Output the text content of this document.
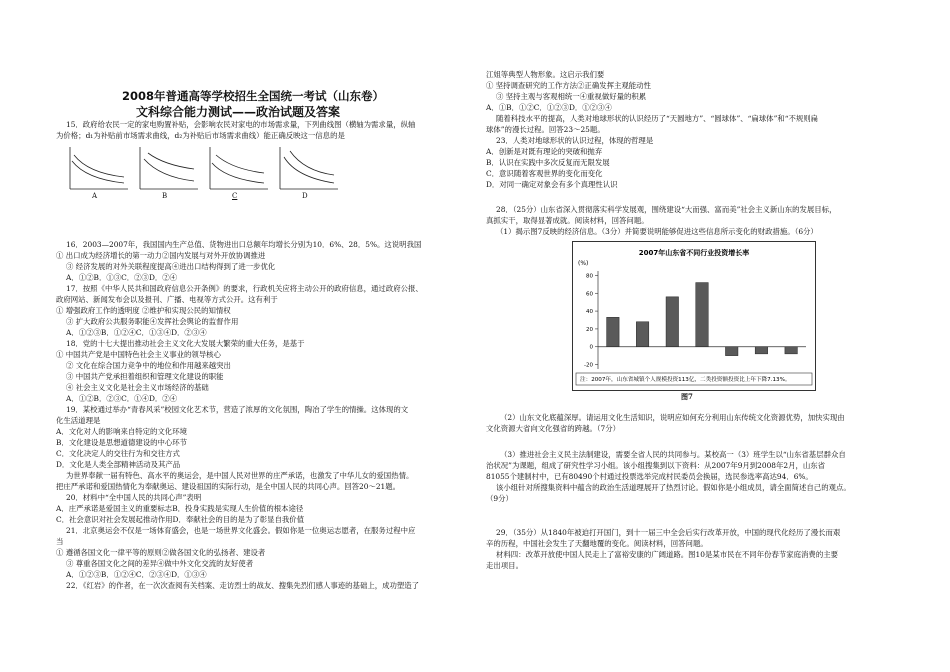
2008年普通高等学校招生全国统一考试（山东卷）
文科综合能力测试——政治试题及答案
15．政府给农民一定的家电购置补贴，会影响农民对家电的市场需求量，下列曲线图（横轴为需求量，纵轴
为价格；d₁为补贴前市场需求曲线，d₂为补贴后市场需求曲线）能正确反映这一信息的是
A	B	C	D
16．2003—2007年，我国国内生产总值、货物进出口总额年均增长分别为10．6%、28．5%。这说明我国
① 出口成为经济增长的第一动力②国内发展与对外开放协调推进
③ 经济发展的对外关联程度提高④进出口结构得到了进一步优化
A．①②B．①③C．②③D．②④
17．按照《中华人民共和国政府信息公开条例》的要求，行政机关应将主动公开的政府信息，通过政府公报、
政府网站、新闻发布会以及报刊、广播、电视等方式公开。这有利于
① 增强政府工作的透明度 ②维护和实现公民的知情权
③ 扩大政府公共服务职能④发挥社会舆论的监督作用
A．①②③B．①②④C．①③④D．②③④
18．党的十七大提出推动社会主义文化大发展大繁荣的重大任务，是基于
① 中国共产党是中国特色社会主义事业的领导核心
② 文化在综合国力竞争中的地位和作用越来越突出
③ 中国共产党承担着组织和管理文化建设的职能
④ 社会主义文化是社会主义市场经济的基础
A．①②B．②③C．①④D．②④
19．某校通过举办“青春风采”校园文化艺术节，营造了浓厚的文化氛围，陶冶了学生的情操。这体现的文
化生活道理是
A．文化对人的影响来自特定的文化环境
B．文化建设是思想道德建设的中心环节
C．文化决定人的交往行为和交往方式
D．文化是人类全部精神活动及其产品
为世界奉献一届有特色、高水平的奥运会，是中国人民对世界的庄严承诺，也激发了中华儿女的爱国热情。
把庄严承诺和爱国热情化为奉献奥运、建设祖国的实际行动，是全中国人民的共同心声。回答20～21题。
20．材料中“全中国人民的共同心声”表明
A．庄严承诺是爱国主义的重要标志B．投身实践是实现人生价值的根本途径
C．社会意识对社会发展起推动作用D．奉献社会的目的是为了彰显自我价值
21．北京奥运会不仅是一场体育盛会，也是一场世界文化盛会。假如你是一位奥运志愿者，在服务过程中应
当
① 遵循各国文化一律平等的原则②做各国文化的弘扬者、建设者
③ 尊重各国文化之间的差异④做中外文化交流的友好使者
A．①②③B．①②④C．②③④D．①③④
22．《红岩》的作者，在一次次查阅有关档案、走访烈士的战友、搜集先烈们感人事迹的基础上，成功塑造了
江姐等典型人物形象。这启示我们要
① 坚持调查研究的工作方法②正确发挥主观能动性
③ 坚持主观与客观相统一④重视做好量的积累
A．①B．①②C．①②③D．①②③④
随着科技水平的提高，人类对地球形状的认识经历了“天圆地方”、“圆球体”、“扁球体”和“不规则扁
球体”的漫长过程。回答23～25题。
23．人类对地球形状的认识过程，体现的哲理是
A．创新是对既有理论的突破和抛弃
B．认识在实践中多次反复而无限发展
C．意识随着客观世界的变化而变化
D．对同一确定对象会有多个真理性认识
28．（25分）山东省深入贯彻落实科学发展观，围绕建设“大而强、富而美”社会主义新山东的发展目标，
真抓实干，取得显著成就。阅读材料，回答问题。
（1）揭示图7反映的经济信息。（3分）并简要说明能够促进这些信息所示变化的财政措施。（6分）
2007年山东省不同行业投资增长率
(%)
80
60
40
20
0
-20
注：2007年，山东省城镇个人规模投资113亿，二类投资额投资比上年下降7.13%。
图7
（2）山东文化底蕴深厚。请运用文化生活知识，说明应如何充分利用山东传统文化资源优势，加快实现由
文化资源大省向文化强省的跨越。（7分）
（3）推进社会主义民主法制建设，需要全省人民的共同参与。某校高一（3）班学生以“山东省基层群众自
治状况”为课题，组成了研究性学习小组。该小组搜集到以下资料：从2007年9月到2008年2月，山东省
81055个建制村中，已有80490个村通过投票选举完成村民委员会换届，选民参选率高达94．6%。
该小组针对所搜集资料中蕴含的政治生活道理展开了热烈讨论。假如你是小组成员，请全面简述自己的观点。
（9分）
29．（35分）从1840年被迫打开国门，到十一届三中全会后实行改革开放，中国的现代化经历了漫长而艰
辛的历程，中国社会发生了天翻地覆的变化。阅读材料，回答问题。
材料四：改革开放使中国人民走上了富裕安康的广阔道路。图10是某市民在不同年份春节家庭消费的主要
走出项目。
